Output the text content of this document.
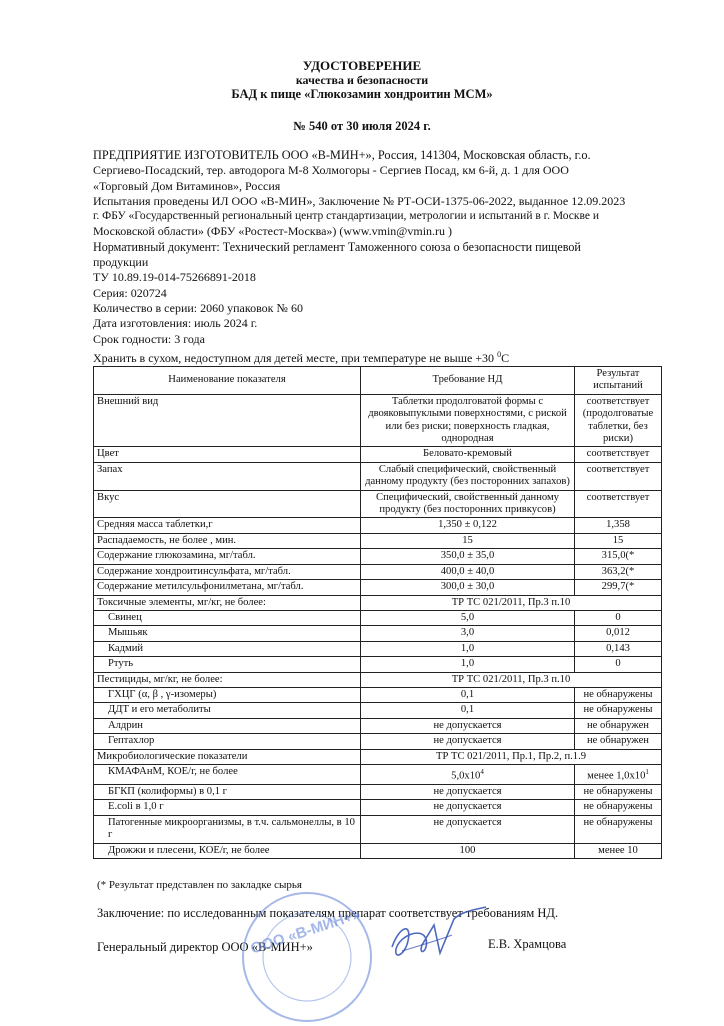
УДОСТОВЕРЕНИЕ
качества и безопасности
БАД к пище «Глюкозамин хондроитин МСМ»
№ 540 от 30 июля 2024 г.
ПРЕДПРИЯТИЕ ИЗГОТОВИТЕЛЬ ООО «В-МИН+», Россия, 141304, Московская область, г.о.
Сергиево-Посадский, тер. автодорога М-8 Холмогоры - Сергиев Посад, км 6-й, д. 1 для ООО
«Торговый Дом Витаминов», Россия
Испытания проведены ИЛ ООО «В-МИН», Заключение № РТ-ОСИ-1375-06-2022, выданное 12.09.2023
г. ФБУ «Государственный региональный центр стандартизации, метрологии и испытаний в г. Москве и
Московской области» (ФБУ «Ростест-Москва») (www.vmin@vmin.ru )
Нормативный документ: Технический регламент Таможенного союза о безопасности пищевой
продукции
ТУ 10.89.19-014-75266891-2018
Серия: 020724
Количество в серии: 2060 упаковок № 60
Дата изготовления: июль 2024 г.
Срок годности: 3 года
Хранить в сухом, недоступном для детей месте, при температуре не выше +30 $^0$C
Наименование показателя	Требование НД	Результат испытаний
Внешний вид	Таблетки продолговатой формы с двояковыпуклыми поверхностями, с риской или без риски; поверхность гладкая, однородная	соответствует (продолговатые таблетки, без риски)
Цвет	Беловато-кремовый	соответствует
Запах	Слабый специфический, свойственный данному продукту (без посторонних запахов)	соответствует
Вкус	Специфический, свойственный данному продукту (без посторонних привкусов)	соответствует
Средняя масса таблетки,г	1,350 ± 0,122	1,358
Распадаемость, не более , мин.	15	15
Содержание глюкозамина, мг/табл.	350,0 ± 35,0	315,0(*
Содержание хондроитинсульфата, мг/табл.	400,0 ± 40,0	363,2(*
Содержание метилсульфонилметана, мг/табл.	300,0 ± 30,0	299,7(*
Токсичные элементы, мг/кг, не более:	ТР ТС 021/2011, Пр.3 п.10	
Свинец	5,0	0
Мышьяк	3,0	0,012
Кадмий	1,0	0,143
Ртуть	1,0	0
Пестициды, мг/кг, не более:	ТР ТС 021/2011, Пр.3 п.10	
ГХЦГ (α, β , γ-изомеры)	0,1	не обнаружены
ДДТ и его метаболиты	0,1	не обнаружены
Алдрин	не допускается	не обнаружен
Гептахлор	не допускается	не обнаружен
Микробиологические показатели	ТР ТС 021/2011, Пр.1, Пр.2, п.1.9	
КМАФАнМ, КОЕ/г, не более	$5,0х10^4$	менее $1,0х10^1$
БГКП (колиформы) в 0,1 г	не допускается	не обнаружены
E.coli в 1,0 г	не допускается	не обнаружены
Патогенные микроорганизмы, в т.ч. сальмонеллы, в 10 г	не допускается	не обнаружены
Дрожжи и плесени, КОЕ/г, не более	100	менее 10
(* Результат представлен по закладке сырья
Заключение: по исследованным показателям препарат соответствует требованиям НД.
Генеральный директор ООО «В-МИН+»	Е.В. Храмцова
ООО «В-МИН+»
